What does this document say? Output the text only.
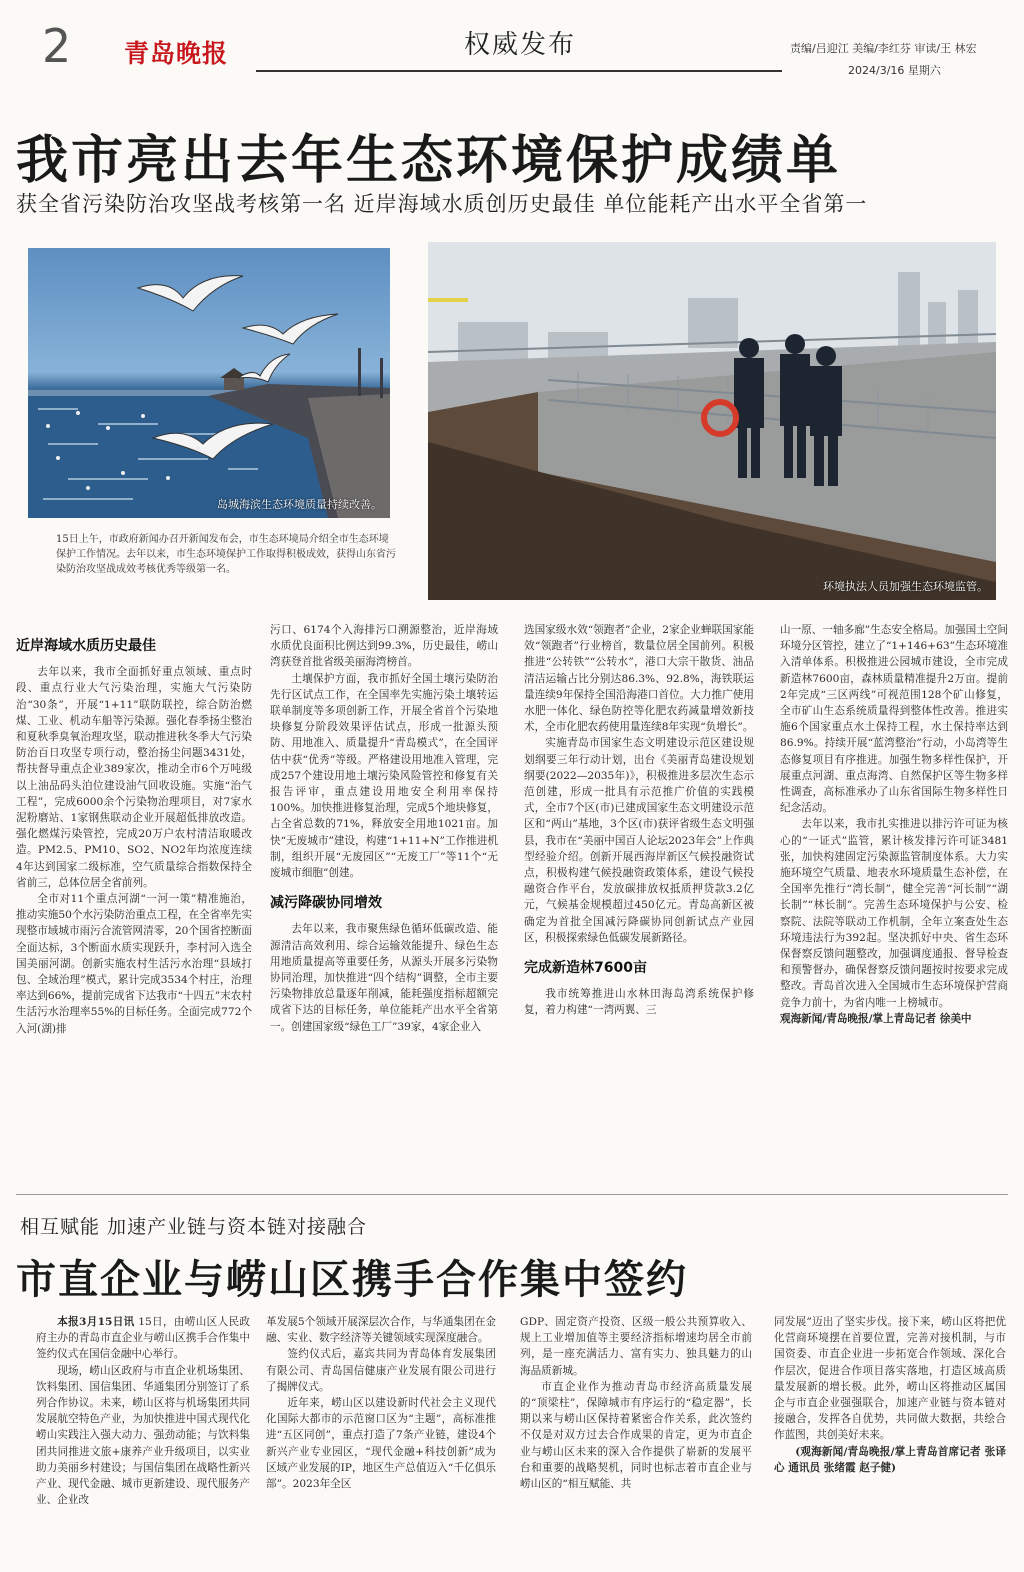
2 青岛晚报	权威发布	责编/吕迎江 美编/李红芬 审读/王 林宏
2024/3/16 星期六
我市亮出去年生态环境保护成绩单
获全省污染防治攻坚战考核第一名 近岸海域水质创历史最佳 单位能耗产出水平全省第一
岛城海滨生态环境质量持续改善。
环境执法人员加强生态环境监管。
15日上午，市政府新闻办召开新闻发布会，市生态环境局介绍全市生态环境保护工作情况。去年以来，市生态环境保护工作取得积极成效，获得山东省污染防治攻坚战成效考核优秀等级第一名。
近岸海域水质历史最佳

去年以来，我市全面抓好重点领域、重点时段、重点行业大气污染治理，实施大气污染防治“30条”，开展“1+11”联防联控，综合防治燃煤、工业、机动车船等污染源。强化春季扬尘整治和夏秋季臭氧治理攻坚，联动推进秋冬季大气污染防治百日攻坚专项行动，整治扬尘问题3431处，帮扶督导重点企业389家次，推动全市6个万吨级以上油品码头泊位建设油气回收设施。实施“治气工程”，完成6000余个污染物治理项目，对7家水泥粉磨站、1家钢焦联动企业开展超低排放改造。强化燃煤污染管控，完成20万户农村清洁取暖改造。PM2.5、PM10、SO2、NO2年均浓度连续4年达到国家二级标准，空气质量综合指数保持全省前三，总体位居全省前列。

全市对11个重点河湖“一河一策”精准施治，推动实施50个水污染防治重点工程，在全省率先实现整市域城市雨污合流管网清零，20个国省控断面全面达标，3个断面水质实现跃升，李村河入选全国美丽河湖。创新实施农村生活污水治理“县域打包、全域治理”模式，累计完成3534个村庄，治理率达到66%，提前完成省下达我市“十四五”末农村生活污水治理率55%的目标任务。全面完成772个入河(湖)排

污口、6174个入海排污口溯源整治，近岸海域水质优良面积比例达到99.3%，历史最佳，崂山湾获登首批省级美丽海湾榜首。

土壤保护方面，我市抓好全国土壤污染防治先行区试点工作，在全国率先实施污染土壤转运联单制度等多项创新工作，开展全省首个污染地块修复分阶段效果评估试点，形成一批源头预防、用地准入、质量提升“青岛模式”，在全国评估中获“优秀”等级。严格建设用地准入管理，完成257个建设用地土壤污染风险管控和修复有关报告评审，重点建设用地安全利用率保持100%。加快推进修复治理，完成5个地块修复，占全省总数的71%，释放安全用地1021亩。加快“无废城市”建设，构建“1+11+N”工作推进机制，组织开展“无废园区”“无废工厂”等11个“无废城市细胞”创建。

减污降碳协同增效

去年以来，我市聚焦绿色循环低碳改造、能源清洁高效利用、综合运输效能提升、绿色生态用地质量提高等重要任务，从源头开展多污染物协同治理，加快推进“四个结构”调整，全市主要污染物排放总量逐年削减，能耗强度指标超额完成省下达的目标任务，单位能耗产出水平全省第一。创建国家级“绿色工厂”39家，4家企业入

选国家级水效“领跑者”企业，2家企业蝉联国家能效“领跑者”行业榜首，数量位居全国前列。积极推进“公转铁”“公转水”，港口大宗干散货、油品清洁运输占比分别达86.3%、92.8%，海铁联运量连续9年保持全国沿海港口首位。大力推广使用水肥一体化、绿色防控等化肥农药减量增效新技术，全市化肥农药使用量连续8年实现“负增长”。

实施青岛市国家生态文明建设示范区建设规划纲要三年行动计划，出台《美丽青岛建设规划纲要(2022—2035年)》，积极推进多层次生态示范创建，形成一批具有示范推广价值的实践模式，全市7个区(市)已建成国家生态文明建设示范区和“两山”基地，3个区(市)获评省级生态文明强县，我市在“美丽中国百人论坛2023年会”上作典型经验介绍。创新开展西海岸新区气候投融资试点，积极构建气候投融资政策体系，建设气候投融资合作平台，发放碳排放权抵质押贷款3.2亿元，气候基金规模超过450亿元。青岛高新区被确定为首批全国减污降碳协同创新试点产业园区，积极探索绿色低碳发展新路径。

完成新造林7600亩

我市统筹推进山水林田海岛湾系统保护修复，着力构建“一湾两翼、三

山一原、一轴多廊”生态安全格局。加强国土空间环境分区管控，建立了“1+146+63”生态环境准入清单体系。积极推进公园城市建设，全市完成新造林7600亩，森林质量精准提升2万亩。提前2年完成“三区两线”可视范围128个矿山修复，全市矿山生态系统质量得到整体性改善。推进实施6个国家重点水土保持工程，水土保持率达到86.9%。持续开展“蓝湾整治”行动，小岛湾等生态修复项目有序推进。加强生物多样性保护，开展重点河湖、重点海湾、自然保护区等生物多样性调查，高标准承办了山东省国际生物多样性日纪念活动。

去年以来，我市扎实推进以排污许可证为核心的“一证式”监管，累计核发排污许可证3481张，加快构建固定污染源监管制度体系。大力实施环境空气质量、地表水环境质量生态补偿，在全国率先推行“湾长制”，健全完善“河长制”“湖长制”“林长制”。完善生态环境保护与公安、检察院、法院等联动工作机制，全年立案查处生态环境违法行为392起。坚决抓好中央、省生态环保督察反馈问题整改，加强调度通报、督导检查和预警督办，确保督察反馈问题按时按要求完成整改。青岛首次进入全国城市生态环境保护营商竞争力前十，为省内唯一上榜城市。

观海新闻/青岛晚报/掌上青岛记者 徐美中

相互赋能 加速产业链与资本链对接融合
市直企业与崂山区携手合作集中签约

本报3月15日讯 15日，由崂山区人民政府主办的青岛市直企业与崂山区携手合作集中签约仪式在国信金融中心举行。

现场，崂山区政府与市直企业机场集团、饮料集团、国信集团、华通集团分别签订了系列合作协议。未来，崂山区将与机场集团共同发展航空特色产业，为加快推进中国式现代化崂山实践注入强大动力、强劲动能；与饮料集团共同推进文旅+康养产业升级项目，以实业助力美丽乡村建设；与国信集团在战略性新兴产业、现代金融、城市更新建设、现代服务产业、企业改

革发展5个领域开展深层次合作，与华通集团在金融、实业、数字经济等关键领域实现深度融合。

签约仪式后，嘉宾共同为青岛体育发展集团有限公司、青岛国信健康产业发展有限公司进行了揭牌仪式。

近年来，崂山区以建设新时代社会主义现代化国际大都市的示范窗口区为“主题”，高标准推进“五区同创”，重点打造了7条产业链，建设4个新兴产业专业园区，“现代金融+科技创新”成为区域产业发展的IP，地区生产总值迈入“千亿俱乐部”。2023年全区

GDP、固定资产投资、区级一般公共预算收入、规上工业增加值等主要经济指标增速均居全市前列，是一座充满活力、富有实力、独具魅力的山海品质新城。

市直企业作为推动青岛市经济高质量发展的“顶梁柱”，保障城市有序运行的“稳定器”，长期以来与崂山区保持着紧密合作关系，此次签约不仅是对双方过去合作成果的肯定，更为市直企业与崂山区未来的深入合作提供了崭新的发展平台和重要的战略契机，同时也标志着市直企业与崂山区的“相互赋能、共

同发展”迈出了坚实步伐。接下来，崂山区将把优化营商环境摆在首要位置，完善对接机制，与市国资委、市直企业进一步拓宽合作领域、深化合作层次，促进合作项目落实落地，打造区域高质量发展新的增长极。此外，崂山区将推动区属国企与市直企业强强联合，加速产业链与资本链对接融合，发挥各自优势，共同做大数据，共绘合作蓝图，共创美好未来。

(观海新闻/青岛晚报/掌上青岛首席记者 张译心 通讯员 张绪霞 赵子健)
